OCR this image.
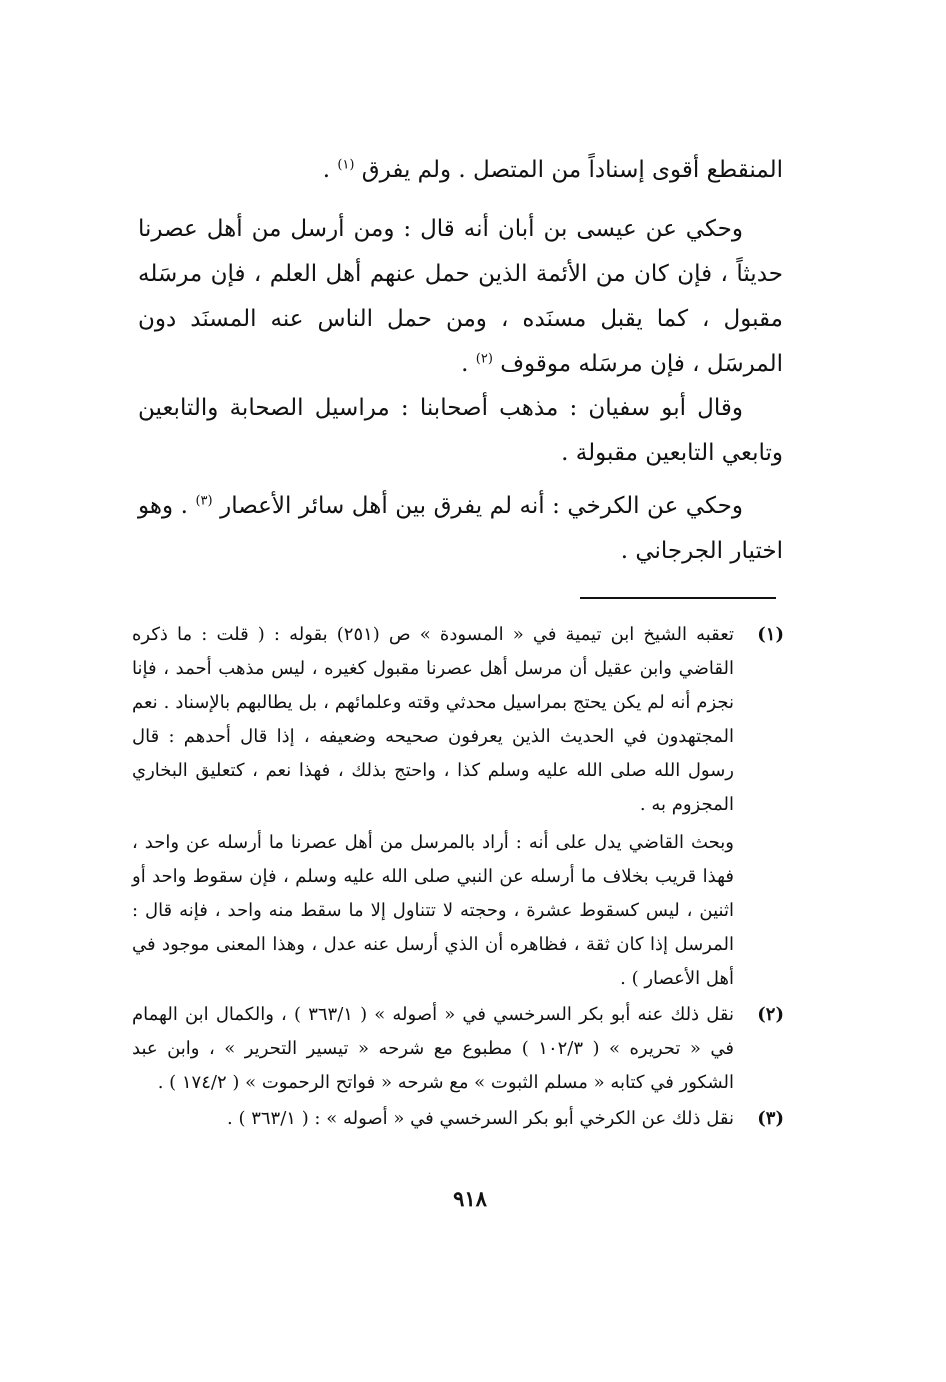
المنقطع أقوى إسناداً من المتصل . ولم يفرق $^{(١)}$ .

وحكي عن عيسى بن أبان أنه قال : ومن أرسل من أهل عصرنا حديثاً ، فإن كان من الأئمة الذين حمل عنهم أهل العلم ، فإن مرسَله مقبول ، كما يقبل مسنَده ، ومن حمل الناس عنه المسنَد دون المرسَل ، فإن مرسَله موقوف $^{(٢)}$ .

وقال أبو سفيان : مذهب أصحابنا : مراسيل الصحابة والتابعين وتابعي التابعين مقبولة .

وحكي عن الكرخي : أنه لم يفرق بين أهل سائر الأعصار $^{(٣)}$ . وهو اختيار الجرجاني .

(١)

تعقبه الشيخ ابن تيمية في « المسودة » ص (٢٥١) بقوله : ( قلت : ما ذكره القاضي وابن عقيل أن مرسل أهل عصرنا مقبول كغيره ، ليس مذهب أحمد ، فإنا نجزم أنه لم يكن يحتج بمراسيل محدثي وقته وعلمائهم ، بل يطالبهم بالإسناد . نعم المجتهدون في الحديث الذين يعرفون صحيحه وضعيفه ، إذا قال أحدهم : قال رسول الله صلى الله عليه وسلم كذا ، واحتج بذلك ، فهذا نعم ، كتعليق البخاري المجزوم به .

وبحث القاضي يدل على أنه : أراد بالمرسل من أهل عصرنا ما أرسله عن واحد ، فهذا قريب بخلاف ما أرسله عن النبي صلى الله عليه وسلم ، فإن سقوط واحد أو اثنين ، ليس كسقوط عشرة ، وحجته لا تتناول إلا ما سقط منه واحد ، فإنه قال : المرسل إذا كان ثقة ، فظاهره أن الذي أرسل عنه عدل ، وهذا المعنى موجود في أهل الأعصار ) .

(٢)

نقل ذلك عنه أبو بكر السرخسي في « أصوله » ( ٣٦٣/١ ) ، والكمال ابن الهمام في « تحريره » ( ١٠٢/٣ ) مطبوع مع شرحه « تيسير التحرير » ، وابن عبد الشكور في كتابه « مسلم الثبوت » مع شرحه « فواتح الرحموت » ( ١٧٤/٢ ) .

(٣)

نقل ذلك عن الكرخي أبو بكر السرخسي في « أصوله » : ( ٣٦٣/١ ) .

٩١٨
